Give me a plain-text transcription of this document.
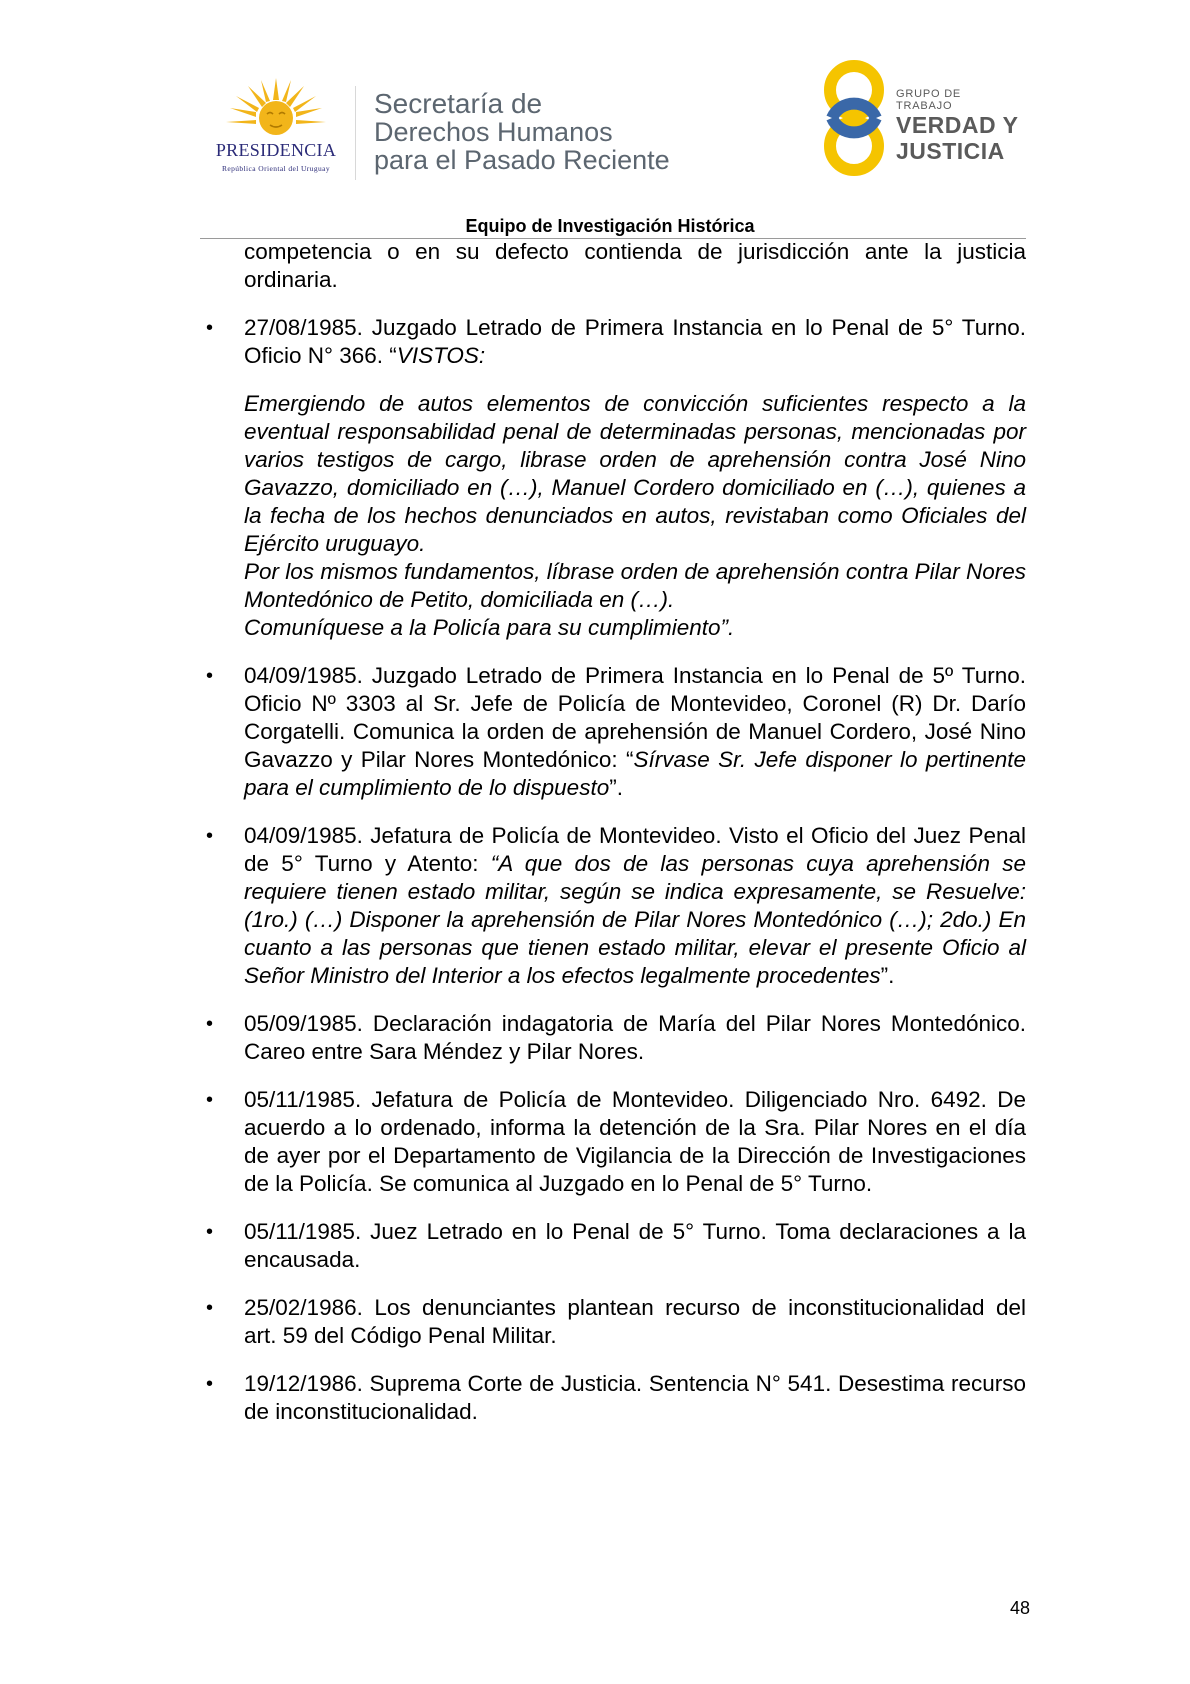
PRESIDENCIA
República Oriental del Uruguay
Secretaría de
Derechos Humanos
para el Pasado Reciente
GRUPO DE TRABAJO
VERDAD Y
JUSTICIA
Equipo de Investigación Histórica
competencia o en su defecto contienda de jurisdicción ante la justicia ordinaria.
• 27/08/1985. Juzgado Letrado de Primera Instancia en lo Penal de 5° Turno. Oficio N° 366. “VISTOS:

Emergiendo de autos elementos de convicción suficientes respecto a la eventual responsabilidad penal de determinadas personas, mencionadas por varios testigos de cargo, librase orden de aprehensión contra José Nino Gavazzo, domiciliado en (…), Manuel Cordero domiciliado en (…), quienes a la fecha de los hechos denunciados en autos, revistaban como Oficiales del Ejército uruguayo.

Por los mismos fundamentos, líbrase orden de aprehensión contra Pilar Nores Montedónico de Petito, domiciliada en (…).

Comuníquese a la Policía para su cumplimiento”.

• 04/09/1985. Juzgado Letrado de Primera Instancia en lo Penal de 5º Turno. Oficio Nº 3303 al Sr. Jefe de Policía de Montevideo, Coronel (R) Dr. Darío Corgatelli. Comunica la orden de aprehensión de Manuel Cordero, José Nino Gavazzo y Pilar Nores Montedónico: “Sírvase Sr. Jefe disponer lo pertinente para el cumplimiento de lo dispuesto”.
• 04/09/1985. Jefatura de Policía de Montevideo. Visto el Oficio del Juez Penal de 5° Turno y Atento: “A que dos de las personas cuya aprehensión se requiere tienen estado militar, según se indica expresamente, se Resuelve: (1ro.) (…) Disponer la aprehensión de Pilar Nores Montedónico (…); 2do.) En cuanto a las personas que tienen estado militar, elevar el presente Oficio al Señor Ministro del Interior a los efectos legalmente procedentes”.
• 05/09/1985. Declaración indagatoria de María del Pilar Nores Montedónico. Careo entre Sara Méndez y Pilar Nores.
• 05/11/1985. Jefatura de Policía de Montevideo. Diligenciado Nro. 6492. De acuerdo a lo ordenado, informa la detención de la Sra. Pilar Nores en el día de ayer por el Departamento de Vigilancia de la Dirección de Investigaciones de la Policía. Se comunica al Juzgado en lo Penal de 5° Turno.
• 05/11/1985. Juez Letrado en lo Penal de 5° Turno. Toma declaraciones a la encausada.
• 25/02/1986. Los denunciantes plantean recurso de inconstitucionalidad del art. 59 del Código Penal Militar.
• 19/12/1986. Suprema Corte de Justicia. Sentencia N° 541. Desestima recurso de inconstitucionalidad.
48
